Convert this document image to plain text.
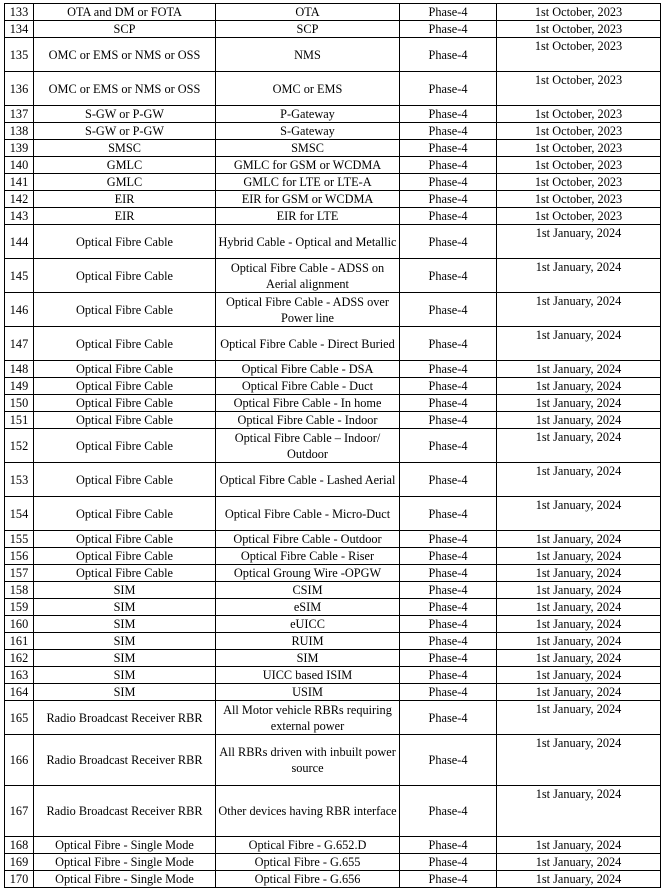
133	OTA and DM or FOTA	OTA	Phase-4	1st October, 2023
134	SCP	SCP	Phase-4	1st October, 2023
135	OMC or EMS or NMS or OSS	NMS	Phase-4	1st October, 2023
136	OMC or EMS or NMS or OSS	OMC or EMS	Phase-4	1st October, 2023
137	S-GW or P-GW	P-Gateway	Phase-4	1st October, 2023
138	S-GW or P-GW	S-Gateway	Phase-4	1st October, 2023
139	SMSC	SMSC	Phase-4	1st October, 2023
140	GMLC	GMLC for GSM or WCDMA	Phase-4	1st October, 2023
141	GMLC	GMLC for LTE or LTE-A	Phase-4	1st October, 2023
142	EIR	EIR for GSM or WCDMA	Phase-4	1st October, 2023
143	EIR	EIR for LTE	Phase-4	1st October, 2023
144	Optical Fibre Cable	Hybrid Cable - Optical and Metallic	Phase-4	1st January, 2024
145	Optical Fibre Cable	Optical Fibre Cable - ADSS on Aerial alignment	Phase-4	1st January, 2024
146	Optical Fibre Cable	Optical Fibre Cable - ADSS over Power line	Phase-4	1st January, 2024
147	Optical Fibre Cable	Optical Fibre Cable - Direct Buried	Phase-4	1st January, 2024
148	Optical Fibre Cable	Optical Fibre Cable - DSA	Phase-4	1st January, 2024
149	Optical Fibre Cable	Optical Fibre Cable - Duct	Phase-4	1st January, 2024
150	Optical Fibre Cable	Optical Fibre Cable - In home	Phase-4	1st January, 2024
151	Optical Fibre Cable	Optical Fibre Cable - Indoor	Phase-4	1st January, 2024
152	Optical Fibre Cable	Optical Fibre Cable – Indoor/ Outdoor	Phase-4	1st January, 2024
153	Optical Fibre Cable	Optical Fibre Cable - Lashed Aerial	Phase-4	1st January, 2024
154	Optical Fibre Cable	Optical Fibre Cable - Micro-Duct	Phase-4	1st January, 2024
155	Optical Fibre Cable	Optical Fibre Cable - Outdoor	Phase-4	1st January, 2024
156	Optical Fibre Cable	Optical Fibre Cable - Riser	Phase-4	1st January, 2024
157	Optical Fibre Cable	Optical Groung Wire -OPGW	Phase-4	1st January, 2024
158	SIM	CSIM	Phase-4	1st January, 2024
159	SIM	eSIM	Phase-4	1st January, 2024
160	SIM	eUICC	Phase-4	1st January, 2024
161	SIM	RUIM	Phase-4	1st January, 2024
162	SIM	SIM	Phase-4	1st January, 2024
163	SIM	UICC based ISIM	Phase-4	1st January, 2024
164	SIM	USIM	Phase-4	1st January, 2024
165	Radio Broadcast Receiver RBR	All Motor vehicle RBRs requiring external power	Phase-4	1st January, 2024
166	Radio Broadcast Receiver RBR	All RBRs driven with inbuilt power source	Phase-4	1st January, 2024
167	Radio Broadcast Receiver RBR	Other devices having RBR interface	Phase-4	1st January, 2024
168	Optical Fibre - Single Mode	Optical Fibre - G.652.D	Phase-4	1st January, 2024
169	Optical Fibre - Single Mode	Optical Fibre - G.655	Phase-4	1st January, 2024
170	Optical Fibre - Single Mode	Optical Fibre - G.656	Phase-4	1st January, 2024
